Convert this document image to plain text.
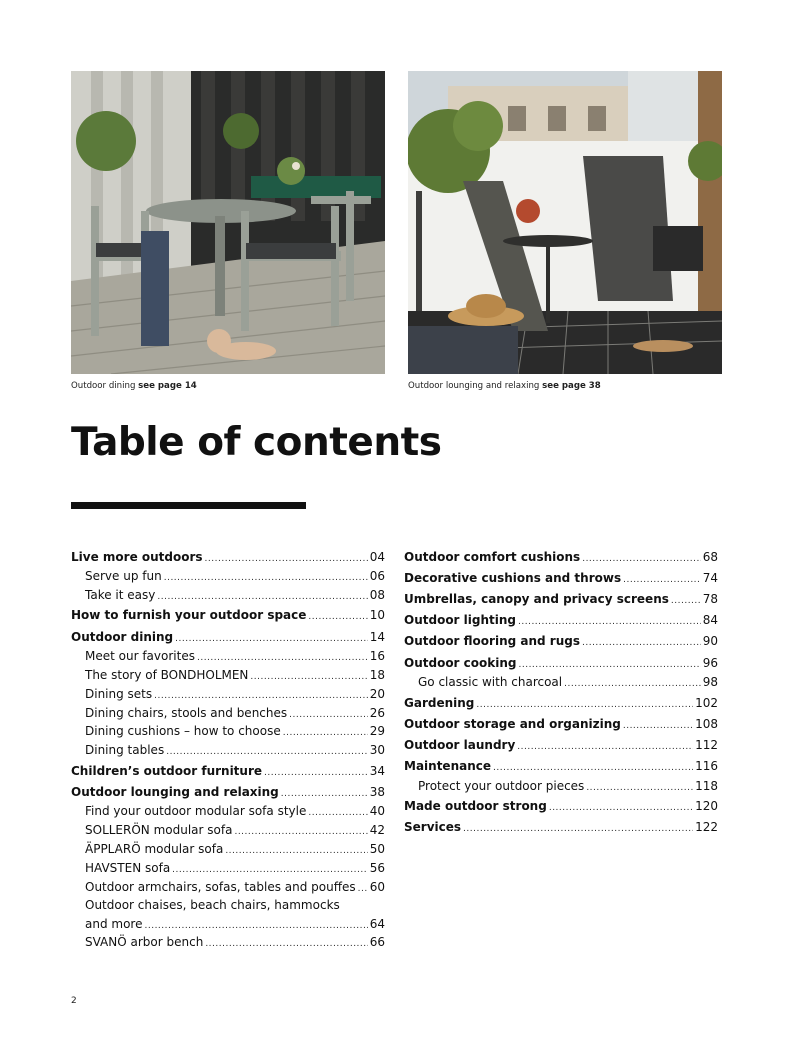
Outdoor dining see page 14	Outdoor lounging and relaxing see page 38
Table of contents
Live more outdoors .....	04
Serve up fun .....	06
Take it easy .....	08
How to furnish your outdoor space .....	10
Outdoor dining .....	14
Meet our favorites .....	16
The story of BONDHOLMEN .....	18
Dining sets .....	20
Dining chairs, stools and benches .....	26
Dining cushions – how to choose .....	29
Dining tables .....	30
Children’s outdoor furniture .....	34
Outdoor lounging and relaxing .....	38
Find your outdoor modular sofa style .....	40
SOLLERÖN modular sofa .....	42
ÄPPLARÖ modular sofa .....	50
HAVSTEN sofa .....	56
Outdoor armchairs, sofas, tables and pouffes ..... 60
Outdoor chaises, beach chairs, hammocks
and more .....	64
SVANÖ arbor bench .....	66
Outdoor comfort cushions .....	68
Decorative cushions and throws .....	74
Umbrellas, canopy and privacy screens .....	78
Outdoor lighting .....	84
Outdoor flooring and rugs .....	90
Outdoor cooking .....	96
Go classic with charcoal .....	98
Gardening .....	102
Outdoor storage and organizing .....	108
Outdoor laundry .....	112
Maintenance .....	116
Protect your outdoor pieces .....	118
Made outdoor strong .....	120
Services .....	122
2
